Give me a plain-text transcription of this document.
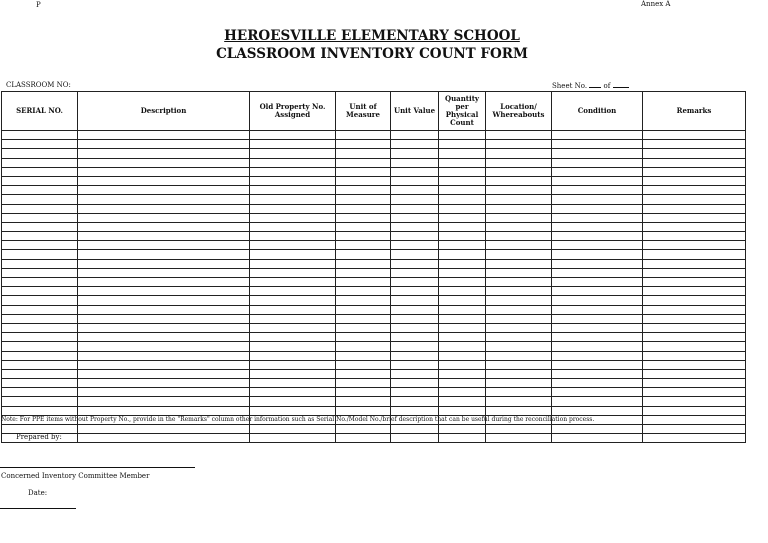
P	Annex A
HEROESVILLE ELEMENTARY SCHOOL
CLASSROOM INVENTORY COUNT FORM
CLASSROOM NO:	Sheet No. of
SERIAL NO.	Description	Old Property No. Assigned	Unit of Measure	Unit Value	Quantity per Physical Count	Location/ Whereabouts	Condition	Remarks

Note: For PPE items without Property No., provide in the "Remarks" column other information such as Serial No./Model No./brief description that can be useful during the reconciliation process.
Prepared by:
Concerned Inventory Committee Member
Date:
